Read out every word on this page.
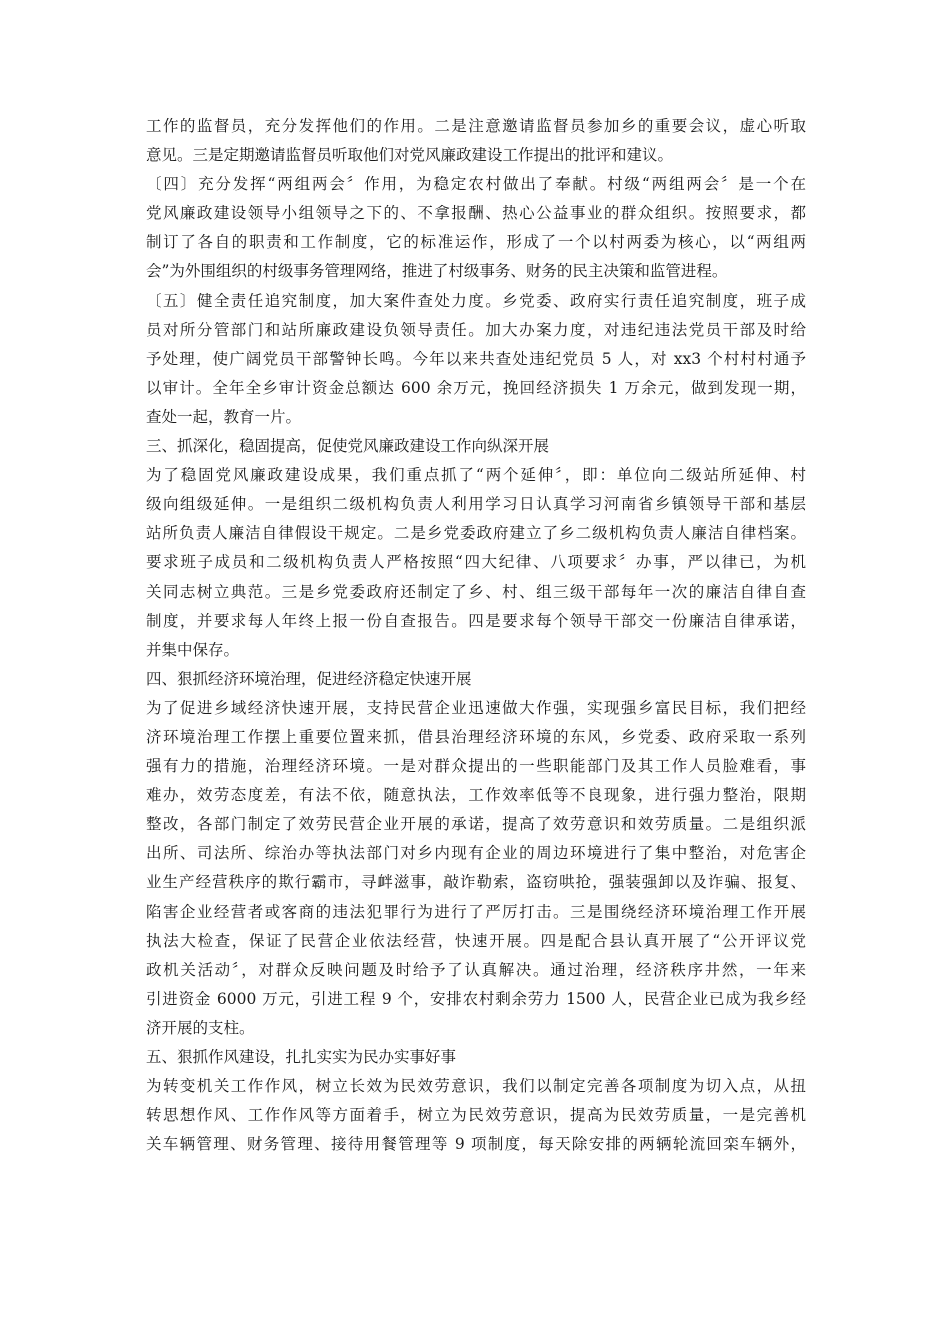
工作的监督员，充分发挥他们的作用。二是注意邀请监督员参加乡的重要会议，虚心听取
意见。三是定期邀请监督员听取他们对党风廉政建设工作提出的批评和建议。
〔四〕充分发挥“两组两会〞作用，为稳定农村做出了奉献。村级“两组两会〞是一个在
党风廉政建设领导小组领导之下的、不拿报酬、热心公益事业的群众组织。按照要求，都
制订了各自的职责和工作制度，它的标准运作，形成了一个以村两委为核心，以“两组两
会”为外围组织的村级事务管理网络，推进了村级事务、财务的民主决策和监管进程。
〔五〕健全责任追究制度，加大案件查处力度。乡党委、政府实行责任追究制度，班子成
员对所分管部门和站所廉政建设负领导责任。加大办案力度，对违纪违法党员干部及时给
予处理，使广阔党员干部警钟长鸣。今年以来共查处违纪党员 5 人，对 xx3 个村村村通予
以审计。全年全乡审计资金总额达 600 余万元，挽回经济损失 1 万余元，做到发现一期，
查处一起，教育一片。
三、抓深化，稳固提高，促使党风廉政建设工作向纵深开展
为了稳固党风廉政建设成果，我们重点抓了“两个延伸〞，即：单位向二级站所延伸、村
级向组级延伸。一是组织二级机构负责人利用学习日认真学习河南省乡镇领导干部和基层
站所负责人廉洁自律假设干规定。二是乡党委政府建立了乡二级机构负责人廉洁自律档案。
要求班子成员和二级机构负责人严格按照“四大纪律、八项要求〞办事，严以律已，为机
关同志树立典范。三是乡党委政府还制定了乡、村、组三级干部每年一次的廉洁自律自查
制度，并要求每人年终上报一份自查报告。四是要求每个领导干部交一份廉洁自律承诺，
并集中保存。
四、狠抓经济环境治理，促进经济稳定快速开展
为了促进乡域经济快速开展，支持民营企业迅速做大作强，实现强乡富民目标，我们把经
济环境治理工作摆上重要位置来抓，借县治理经济环境的东风，乡党委、政府采取一系列
强有力的措施，治理经济环境。一是对群众提出的一些职能部门及其工作人员脸难看，事
难办，效劳态度差，有法不依，随意执法，工作效率低等不良现象，进行强力整治，限期
整改，各部门制定了效劳民营企业开展的承诺，提高了效劳意识和效劳质量。二是组织派
出所、司法所、综治办等执法部门对乡内现有企业的周边环境进行了集中整治，对危害企
业生产经营秩序的欺行霸市，寻衅滋事，敲诈勒索，盗窃哄抢，强装强卸以及诈骗、报复、
陷害企业经营者或客商的违法犯罪行为进行了严厉打击。三是围绕经济环境治理工作开展
执法大检查，保证了民营企业依法经营，快速开展。四是配合县认真开展了“公开评议党
政机关活动〞，对群众反映问题及时给予了认真解决。通过治理，经济秩序井然，一年来
引进资金 6000 万元，引进工程 9 个，安排农村剩余劳力 1500 人，民营企业已成为我乡经
济开展的支柱。
五、狠抓作风建设，扎扎实实为民办实事好事
为转变机关工作作风，树立长效为民效劳意识，我们以制定完善各项制度为切入点，从扭
转思想作风、工作作风等方面着手，树立为民效劳意识，提高为民效劳质量，一是完善机
关车辆管理、财务管理、接待用餐管理等 9 项制度，每天除安排的两辆轮流回栾车辆外，
